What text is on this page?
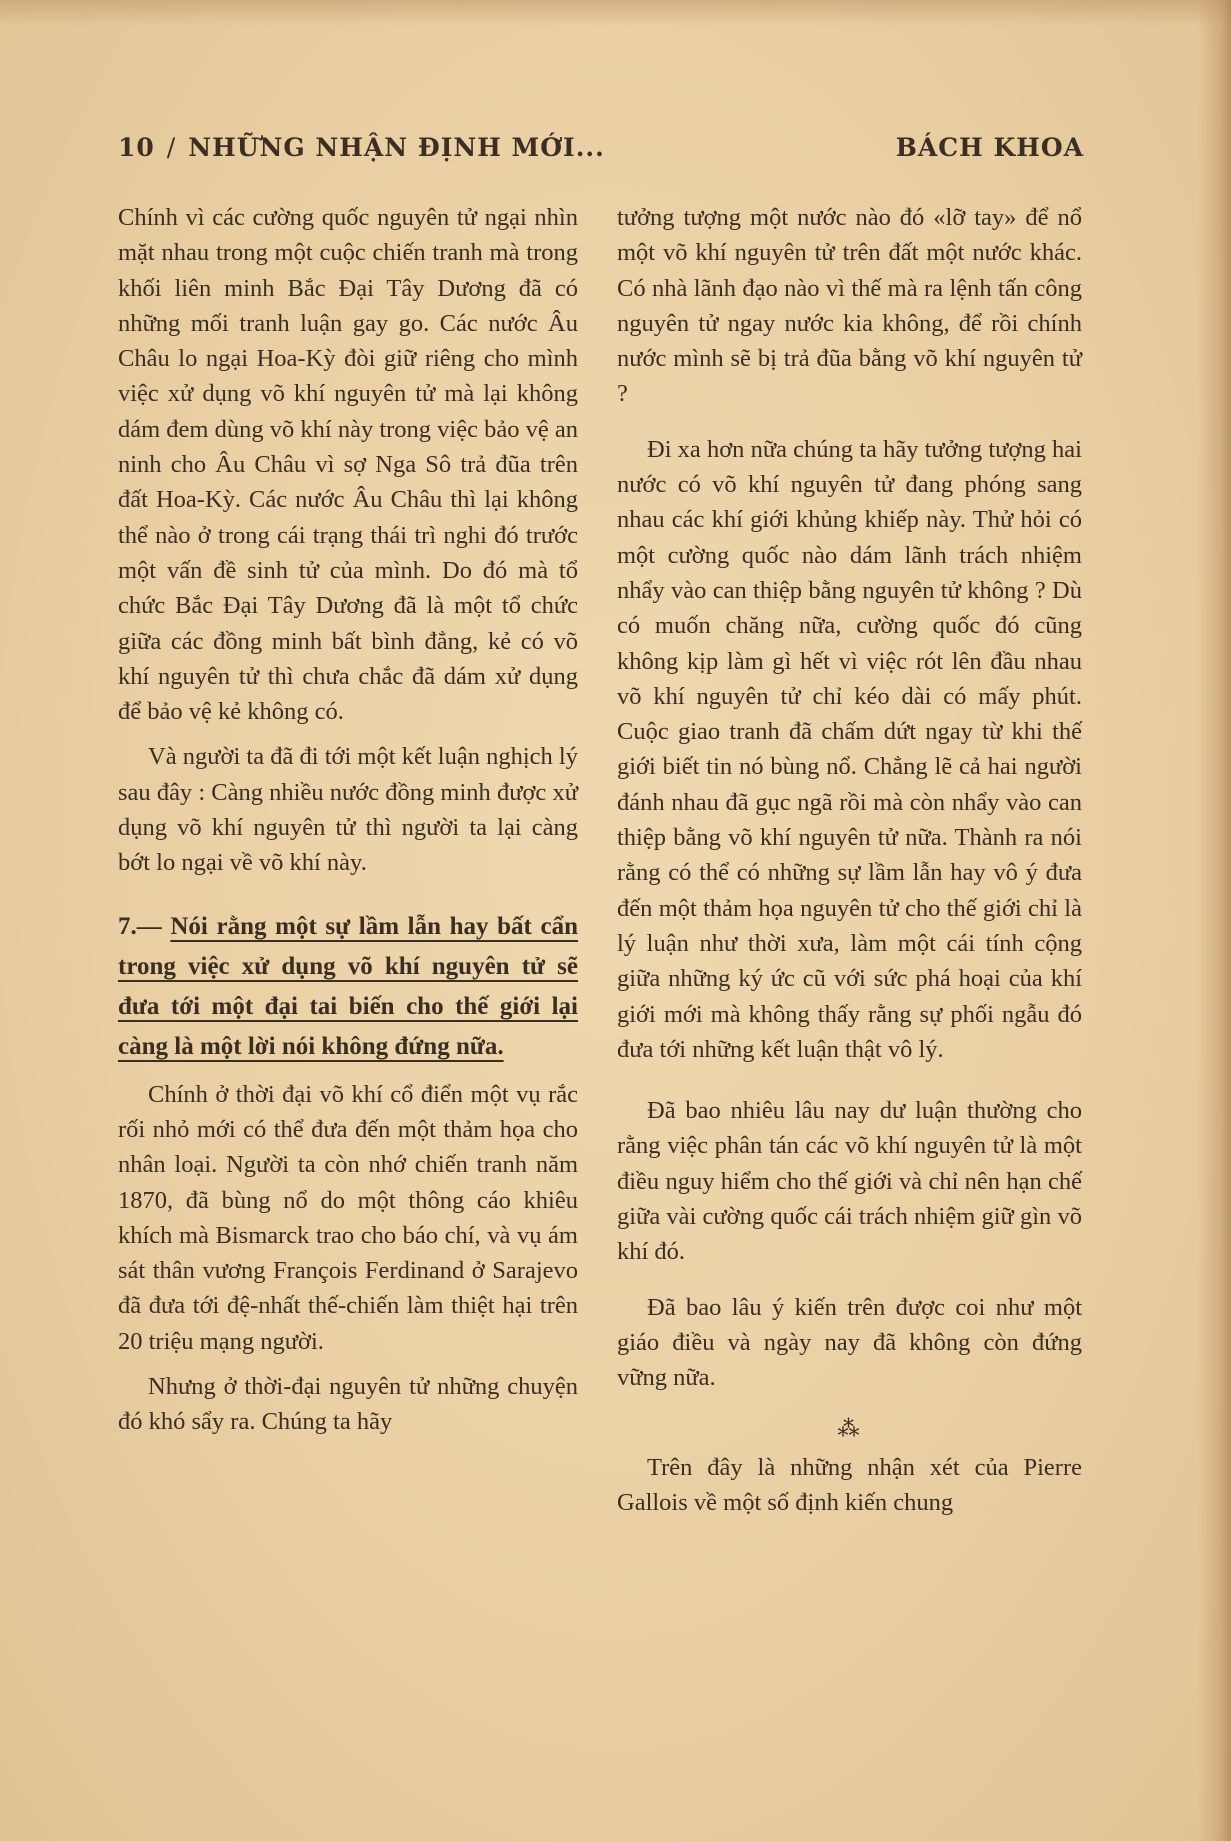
10 / NHỮNG NHẬN ĐỊNH MỚI...	BÁCH KHOA

Chính vì các cường quốc nguyên tử ngại nhìn mặt nhau trong một cuộc chiến tranh mà trong khối liên minh Bắc Đại Tây Dương đã có những mối tranh luận gay go. Các nước Âu Châu lo ngại Hoa-Kỳ đòi giữ riêng cho mình việc xử dụng võ khí nguyên tử mà lại không dám đem dùng võ khí này trong việc bảo vệ an ninh cho Âu Châu vì sợ Nga Sô trả đũa trên đất Hoa-Kỳ. Các nước Âu Châu thì lại không thể nào ở trong cái trạng thái trì nghi đó trước một vấn đề sinh tử của mình. Do đó mà tổ chức Bắc Đại Tây Dương đã là một tổ chức giữa các đồng minh bất bình đẳng, kẻ có võ khí nguyên tử thì chưa chắc đã dám xử dụng để bảo vệ kẻ không có.

Và người ta đã đi tới một kết luận nghịch lý sau đây : Càng nhiều nước đồng minh được xử dụng võ khí nguyên tử thì người ta lại càng bớt lo ngại về võ khí này.

7.— Nói rằng một sự lầm lẫn hay bất cẩn trong việc xử dụng võ khí nguyên tử sẽ đưa tới một đại tai biến cho thế giới lại càng là một lời nói không đứng nữa.

Chính ở thời đại võ khí cổ điển một vụ rắc rối nhỏ mới có thể đưa đến một thảm họa cho nhân loại. Người ta còn nhớ chiến tranh năm 1870, đã bùng nổ do một thông cáo khiêu khích mà Bismarck trao cho báo chí, và vụ ám sát thân vương François Ferdinand ở Sarajevo đã đưa tới đệ-nhất thế-chiến làm thiệt hại trên 20 triệu mạng người.

Nhưng ở thời-đại nguyên tử những chuyện đó khó sẩy ra. Chúng ta hãy

tưởng tượng một nước nào đó «lỡ tay» để nổ một võ khí nguyên tử trên đất một nước khác. Có nhà lãnh đạo nào vì thế mà ra lệnh tấn công nguyên tử ngay nước kia không, để rồi chính nước mình sẽ bị trả đũa bằng võ khí nguyên tử ?

Đi xa hơn nữa chúng ta hãy tưởng tượng hai nước có võ khí nguyên tử đang phóng sang nhau các khí giới khủng khiếp này. Thử hỏi có một cường quốc nào dám lãnh trách nhiệm nhẩy vào can thiệp bằng nguyên tử không ? Dù có muốn chăng nữa, cường quốc đó cũng không kịp làm gì hết vì việc rót lên đầu nhau võ khí nguyên tử chỉ kéo dài có mấy phút. Cuộc giao tranh đã chấm dứt ngay từ khi thế giới biết tin nó bùng nổ. Chẳng lẽ cả hai người đánh nhau đã gục ngã rồi mà còn nhẩy vào can thiệp bằng võ khí nguyên tử nữa. Thành ra nói rằng có thể có những sự lầm lẫn hay vô ý đưa đến một thảm họa nguyên tử cho thế giới chỉ là lý luận như thời xưa, làm một cái tính cộng giữa những ký ức cũ với sức phá hoại của khí giới mới mà không thấy rằng sự phối ngẫu đó đưa tới những kết luận thật vô lý.

Đã bao nhiêu lâu nay dư luận thường cho rằng việc phân tán các võ khí nguyên tử là một điều nguy hiểm cho thế giới và chỉ nên hạn chế giữa vài cường quốc cái trách nhiệm giữ gìn võ khí đó.

Đã bao lâu ý kiến trên được coi như một giáo điều và ngày nay đã không còn đứng vững nữa.

⁂

Trên đây là những nhận xét của Pierre Gallois về một số định kiến chung
